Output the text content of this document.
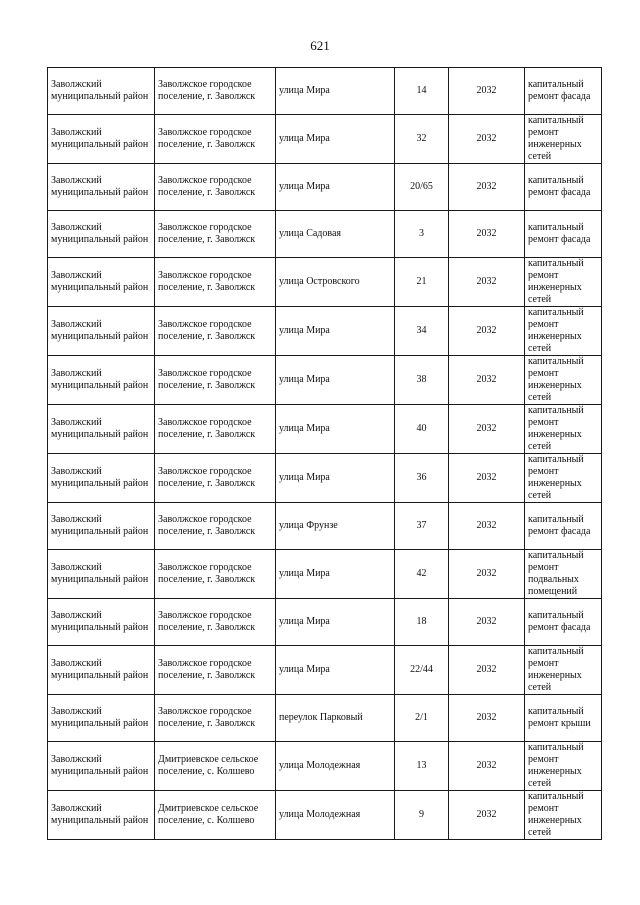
621
Заволжский муниципальный район	Заволжское городское поселение, г. Заволжск	улица Мира	14	2032	капитальный ремонт фасада
Заволжский муниципальный район	Заволжское городское поселение, г. Заволжск	улица Мира	32	2032	капитальный ремонт инженерных сетей
Заволжский муниципальный район	Заволжское городское поселение, г. Заволжск	улица Мира	20/65	2032	капитальный ремонт фасада
Заволжский муниципальный район	Заволжское городское поселение, г. Заволжск	улица Садовая	3	2032	капитальный ремонт фасада
Заволжский муниципальный район	Заволжское городское поселение, г. Заволжск	улица Островского	21	2032	капитальный ремонт инженерных сетей
Заволжский муниципальный район	Заволжское городское поселение, г. Заволжск	улица Мира	34	2032	капитальный ремонт инженерных сетей
Заволжский муниципальный район	Заволжское городское поселение, г. Заволжск	улица Мира	38	2032	капитальный ремонт инженерных сетей
Заволжский муниципальный район	Заволжское городское поселение, г. Заволжск	улица Мира	40	2032	капитальный ремонт инженерных сетей
Заволжский муниципальный район	Заволжское городское поселение, г. Заволжск	улица Мира	36	2032	капитальный ремонт инженерных сетей
Заволжский муниципальный район	Заволжское городское поселение, г. Заволжск	улица Фрунзе	37	2032	капитальный ремонт фасада
Заволжский муниципальный район	Заволжское городское поселение, г. Заволжск	улица Мира	42	2032	капитальный ремонт подвальных помещений
Заволжский муниципальный район	Заволжское городское поселение, г. Заволжск	улица Мира	18	2032	капитальный ремонт фасада
Заволжский муниципальный район	Заволжское городское поселение, г. Заволжск	улица Мира	22/44	2032	капитальный ремонт инженерных сетей
Заволжский муниципальный район	Заволжское городское поселение, г. Заволжск	переулок Парковый	2/1	2032	капитальный ремонт крыши
Заволжский муниципальный район	Дмитриевское сельское поселение, с. Колшево	улица Молодежная	13	2032	капитальный ремонт инженерных сетей
Заволжский муниципальный район	Дмитриевское сельское поселение, с. Колшево	улица Молодежная	9	2032	капитальный ремонт инженерных сетей
